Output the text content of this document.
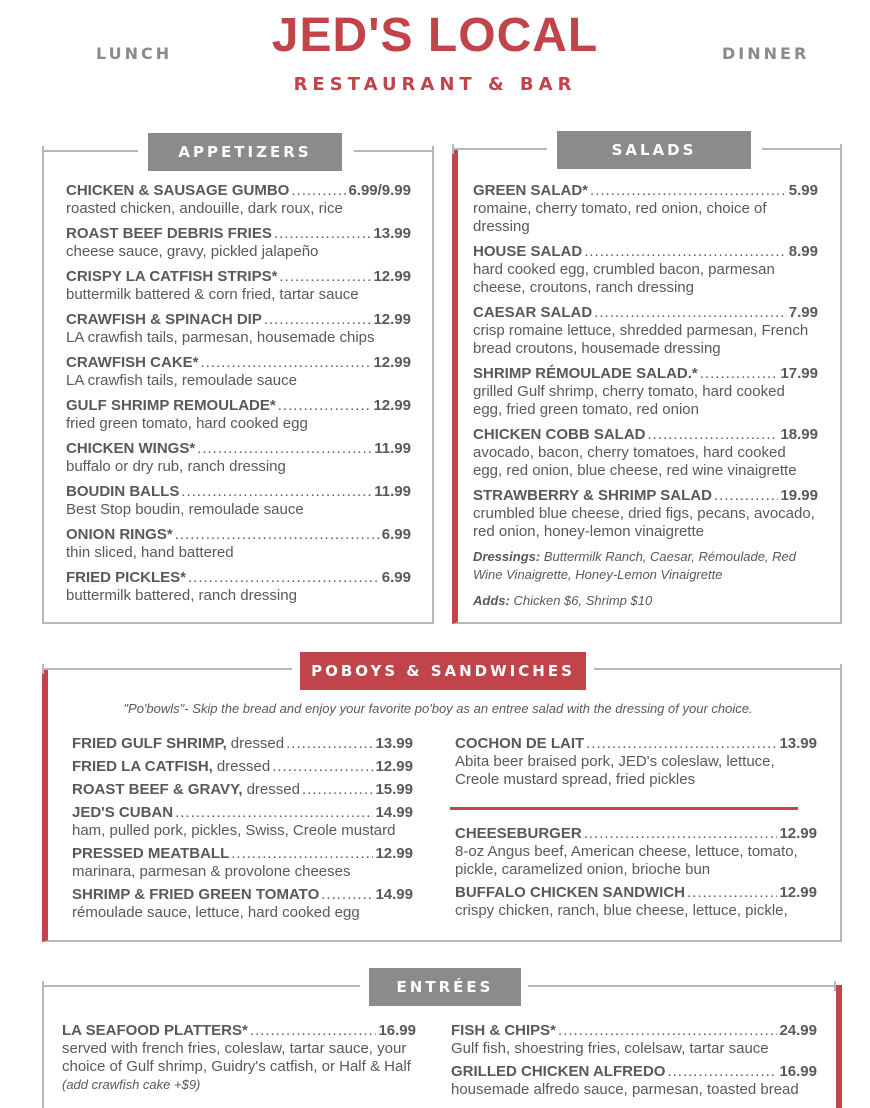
LUNCH	DINNER
JED'S LOCAL
RESTAURANT & BAR
APPETIZERS
CHICKEN & SAUSAGE GUMBO .....	6.99/9.99
roasted chicken, andouille, dark roux, rice
ROAST BEEF DEBRIS FRIES .....	13.99
cheese sauce, gravy, pickled jalapeño
CRISPY LA CATFISH STRIPS* .....	12.99
buttermilk battered & corn fried, tartar sauce
CRAWFISH & SPINACH DIP .....	12.99
LA crawfish tails, parmesan, housemade chips
CRAWFISH CAKE* .....	12.99
LA crawfish tails, remoulade sauce
GULF SHRIMP REMOULADE* .....	12.99
fried green tomato, hard cooked egg
CHICKEN WINGS* .....	11.99
buffalo or dry rub, ranch dressing
BOUDIN BALLS .....	11.99
Best Stop boudin, remoulade sauce
ONION RINGS* .....	6.99
thin sliced, hand battered
FRIED PICKLES* .....	6.99
buttermilk battered, ranch dressing
SALADS
GREEN SALAD* .....	5.99
romaine, cherry tomato, red onion, choice of dressing
HOUSE SALAD .....	8.99
hard cooked egg, crumbled bacon, parmesan cheese, croutons, ranch dressing
CAESAR SALAD .....	7.99
crisp romaine lettuce, shredded parmesan, French bread croutons, housemade dressing
SHRIMP RÉMOULADE SALAD.* .....	17.99
grilled Gulf shrimp, cherry tomato, hard cooked egg, fried green tomato, red onion
CHICKEN COBB SALAD .....	18.99
avocado, bacon, cherry tomatoes, hard cooked egg, red onion, blue cheese, red wine vinaigrette
STRAWBERRY & SHRIMP SALAD .....	19.99
crumbled blue cheese, dried figs, pecans, avocado, red onion, honey-lemon vinaigrette
Dressings: Buttermilk Ranch, Caesar, Rémoulade, Red Wine Vinaigrette, Honey-Lemon Vinaigrette
Adds: Chicken $6, Shrimp $10
POBOYS & SANDWICHES
"Po'bowls"- Skip the bread and enjoy your favorite po'boy as an entree salad with the dressing of your choice.
FRIED GULF SHRIMP, dressed .....	13.99
FRIED LA CATFISH, dressed .....	12.99
ROAST BEEF & GRAVY, dressed .....	15.99
JED'S CUBAN .....	14.99
ham, pulled pork, pickles, Swiss, Creole mustard
PRESSED MEATBALL .....	12.99
marinara, parmesan & provolone cheeses
SHRIMP & FRIED GREEN TOMATO .....	14.99
rémoulade sauce, lettuce, hard cooked egg
COCHON DE LAIT .....	13.99
Abita beer braised pork, JED's coleslaw, lettuce, Creole mustard spread, fried pickles
CHEESEBURGER .....	12.99
8-oz Angus beef, American cheese, lettuce, tomato, pickle, caramelized onion, brioche bun
BUFFALO CHICKEN SANDWICH .....	12.99
crispy chicken, ranch, blue cheese, lettuce, pickle,
ENTRÉES
LA SEAFOOD PLATTERS* .....	16.99
served with french fries, coleslaw, tartar sauce, your choice of Gulf shrimp, Guidry's catfish, or Half & Half
(add crawfish cake +$9)
FISH & CHIPS* .....	24.99
Gulf fish, shoestring fries, colelsaw, tartar sauce
GRILLED CHICKEN ALFREDO .....	16.99
housemade alfredo sauce, parmesan, toasted bread
